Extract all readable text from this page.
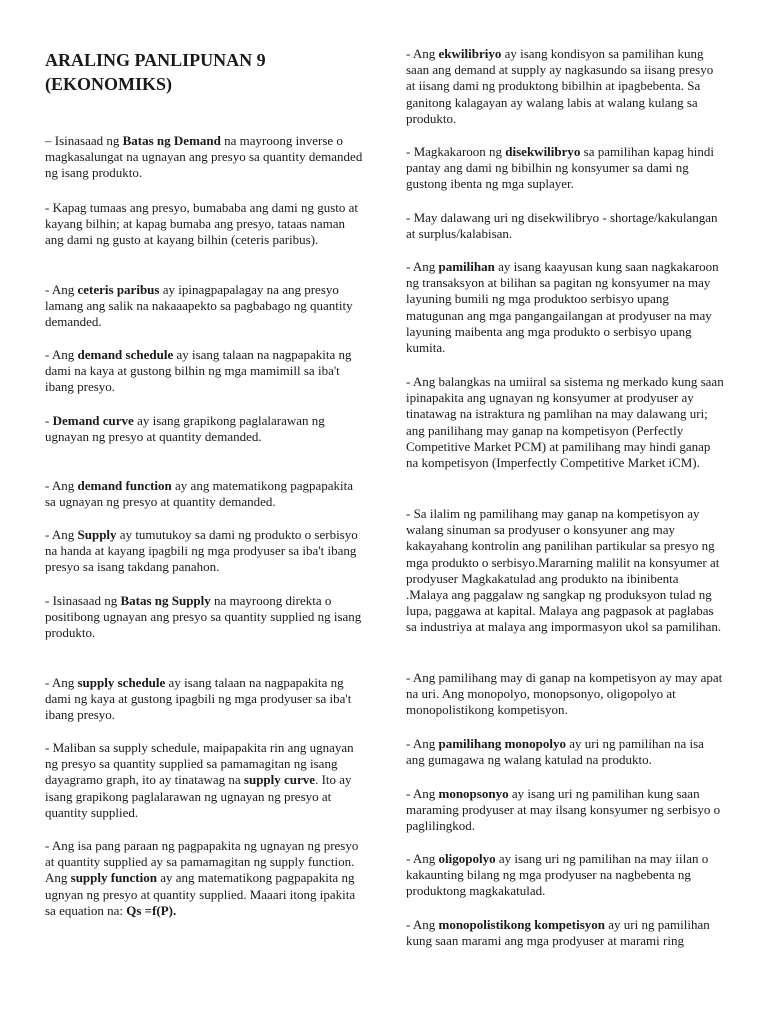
ARALING PANLIPUNAN 9 (EKONOMIKS)

– Isinasaad ng Batas ng Demand na mayroong inverse o magkasalungat na ugnayan ang presyo sa quantity demanded ng isang produkto.

- Kapag tumaas ang presyo, bumababa ang dami ng gusto at kayang bilhin; at kapag bumaba ang presyo, tataas naman ang dami ng gusto at kayang bilhin (ceteris paribus).

- Ang ceteris paribus ay ipinagpapalagay na ang presyo lamang ang salik na nakaaapekto sa pagbabago ng quantity demanded.

- Ang demand schedule ay isang talaan na nagpapakita ng dami na kaya at gustong bilhin ng mga mamimill sa iba't ibang presyo.

- Demand curve ay isang grapikong paglalarawan ng ugnayan ng presyo at quantity demanded.

- Ang demand function ay ang matematikong pagpapakita sa ugnayan ng presyo at quantity demanded.

- Ang Supply ay tumutukoy sa dami ng produkto o serbisyo na handa at kayang ipagbili ng mga prodyuser sa iba't ibang presyo sa isang takdang panahon.

- Isinasaad ng Batas ng Supply na mayroong direkta o positibong ugnayan ang presyo sa quantity supplied ng isang produkto.

- Ang supply schedule ay isang talaan na nagpapakita ng dami ng kaya at gustong ipagbili ng mga prodyuser sa iba't ibang presyo.

- Maliban sa supply schedule, maipapakita rin ang ugnayan ng presyo sa quantity supplied sa pamamagitan ng isang dayagramo graph, ito ay tinatawag na supply curve. Ito ay isang grapikong paglalarawan ng ugnayan ng presyo at quantity supplied.

- Ang isa pang paraan ng pagpapakita ng ugnayan ng presyo at quantity supplied ay sa pamamagitan ng supply function. Ang supply function ay ang matematikong pagpapakita ng ugnyan ng presyo at quantity supplied. Maaari itong ipakita sa equation na: Qs =f(P).

- Ang ekwilibriyo ay isang kondisyon sa pamilihan kung saan ang demand at supply ay nagkasundo sa iisang presyo at iisang dami ng produktong bibilhin at ipagbebenta. Sa ganitong kalagayan ay walang labis at walang kulang sa produkto.

- Magkakaroon ng disekwilibryo sa pamilihan kapag hindi pantay ang dami ng bibilhin ng konsyumer sa dami ng gustong ibenta ng mga suplayer.

- May dalawang uri ng disekwilibryo - shortage/kakulangan at surplus/kalabisan.

- Ang pamilihan ay isang kaayusan kung saan nagkakaroon ng transaksyon at bilihan sa pagitan ng konsyumer na may layuning bumili ng mga produktoo serbisyo upang matugunan ang mga pangangailangan at prodyuser na may layuning maibenta ang mga produkto o serbisyo upang kumita.

- Ang balangkas na umiiral sa sistema ng merkado kung saan ipinapakita ang ugnayan ng konsyumer at prodyuser ay tinatawag na istraktura ng pamlihan na may dalawang uri; ang panilihang may ganap na kompetisyon (Perfectly Competitive Market PCM) at pamilihang may hindi ganap na kompetisyon (Imperfectly Competitive Market iCM).

- Sa ilalim ng pamilihang may ganap na kompetisyon ay walang sinuman sa prodyuser o konsyuner ang may kakayahang kontrolin ang panilihan partikular sa presyo ng mga produkto o serbisyo.Mararning malilit na konsyumer at prodyuser Magkakatulad ang produkto na ibinibenta .Malaya ang paggalaw ng sangkap ng produksyon tulad ng lupa, paggawa at kapital. Malaya ang pagpasok at paglabas sa industriya at malaya ang impormasyon ukol sa pamilihan.

- Ang pamilihang may di ganap na kompetisyon ay may apat na uri. Ang monopolyo, monopsonyo, oligopolyo at monopolistikong kompetisyon.

- Ang pamilihang monopolyo ay uri ng pamilihan na isa ang gumagawa ng walang katulad na produkto.

- Ang monopsonyo ay isang uri ng pamilihan kung saan maraming prodyuser at may ilsang konsyumer ng serbisyo o paglilingkod.

- Ang oligopolyo ay isang uri ng pamilihan na may iilan o kakaunting bilang ng mga prodyuser na nagbebenta ng produktong magkakatulad.

- Ang monopolistikong kompetisyon ay uri ng pamilihan kung saan marami ang mga prodyuser at marami ring
